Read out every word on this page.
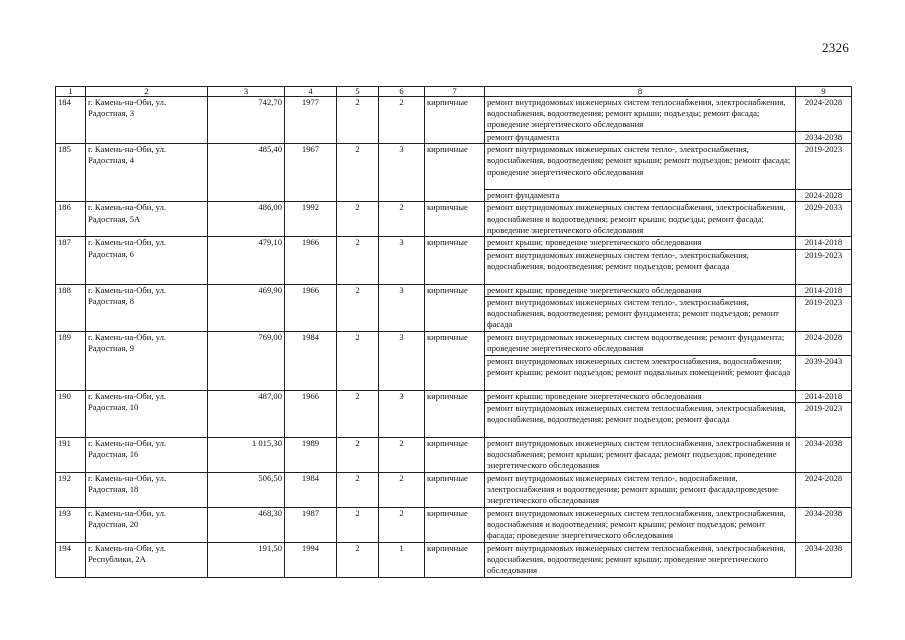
2326
1	2	3	4	5	6	7	8	9
184	г. Камень-на-Оби, ул. Радостная, 3	742,70	1977	2	2	кирпичные	ремонт внутридомовых инженерных систем теплоснабжения, электроснабжения, водоснабжения, водоотведения; ремонт крыши; подъезды; ремонт фасада; проведение энергетического обследования	2024-2028
							ремонт фундамента	2034-2038
185	г. Камень-на-Оби, ул. Радостная, 4	485,40	1967	2	3	кирпичные	ремонт внутридомовых инженерных систем тепло-, электроснабжения, водоснабжения, водоотведения; ремонт крыши; ремонт подъездов; ремонт фасада; проведение энергетического обследования	2019-2023
							ремонт фундамента	2024-2028
186	г. Камень-на-Оби, ул. Радостная, 5А	486,00	1992	2	2	кирпичные	ремонт внутридомовых инженерных систем теплоснабжения, электроснабжения, водоснабжения и водоотведения; ремонт крыши; подъезды; ремонт фасада; проведение энергетического обследования	2029-2033
187	г. Камень-на-Оби, ул. Радостная, 6	479,10	1966	2	3	кирпичные	ремонт крыши; проведение энергетического обследования	2014-2018
							ремонт внутридомовых инженерных систем тепло-, электроснабжения, водоснабжения, водоотведения; ремонт подъездов; ремонт фасада	2019-2023
188	г. Камень-на-Оби, ул. Радостная, 8	469,90	1966	2	3	кирпичные	ремонт крыши; проведение энергетического обследования	2014-2018
							ремонт внутридомовых инженерных систем тепло-, электроснабжения, водоснабжения, водоотведения; ремонт фундамента; ремонт подъездов; ремонт фасада	2019-2023
189	г. Камень-на-Оби, ул. Радостная, 9	769,00	1984	2	3	кирпичные	ремонт внутридомовых инженерных систем водоотведения; ремонт фундамента; проведение энергетического обследования	2024-2028
							ремонт внутридомовых инженерных систем электроснабжения, водоснабжения; ремонт крыши; ремонт подъездов; ремонт подвальных помещений; ремонт фасада	2039-2043
190	г. Камень-на-Оби, ул. Радостная, 10	487,00	1966	2	3	кирпичные	ремонт крыши; проведение энергетического обследования	2014-2018
							ремонт внутридомовых инженерных систем теплоснабжения, электроснабжения, водоснабжения, водоотведения; ремонт подъездов; ремонт фасада	2019-2023
191	г. Камень-на-Оби, ул. Радостная, 16	1 015,30	1989	2	2	кирпичные	ремонт внутридомовых инженерных систем теплоснабжения, электроснабжения и водоснабжения; ремонт крыши; ремонт фасада; ремонт подъездов; проведение энергетического обследования	2034-2038
192	г. Камень-на-Оби, ул. Радостная, 18	506,50	1984	2	2	кирпичные	ремонт внутридомовых инженерных систем тепло-, водоснабжения, электроснабжения и водоотведения; ремонт крыши; ремонт фасада,проведение энергетического обследования	2024-2028
193	г. Камень-на-Оби, ул. Радостная, 20	468,30	1987	2	2	кирпичные	ремонт внутридомовых инженерных систем теплоснабжения, электроснабжения, водоснабжения и водоотведения; ремонт крыши; ремонт подъездов; ремонт фасада; проведение энергетического обследования	2034-2038
194	г. Камень-на-Оби, ул. Республики, 2А	191,50	1994	2	1	кирпичные	ремонт внутридомовых инженерных систем теплоснабжения, электроснабжения, водоснабжения, водоотведения; ремонт крыши; проведение энергетического обследования	2034-2038
